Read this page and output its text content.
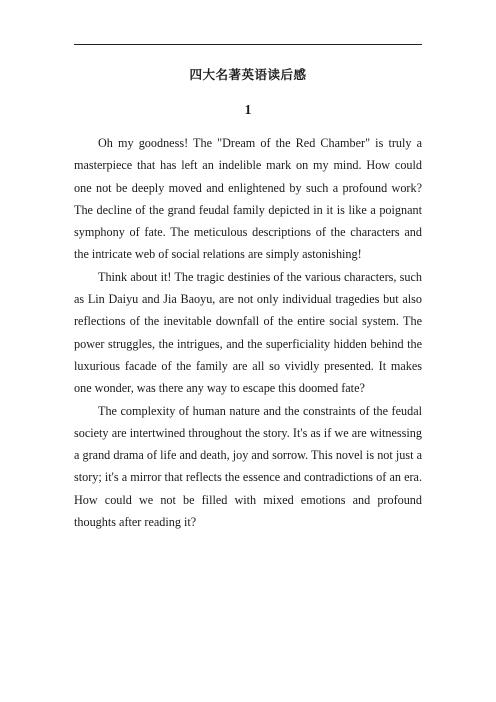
四大名著英语读后感
1

Oh my goodness! The "Dream of the Red Chamber" is truly a masterpiece that has left an indelible mark on my mind. How could one not be deeply moved and enlightened by such a profound work? The decline of the grand feudal family depicted in it is like a poignant symphony of fate. The meticulous descriptions of the characters and the intricate web of social relations are simply astonishing!

Think about it! The tragic destinies of the various characters, such as Lin Daiyu and Jia Baoyu, are not only individual tragedies but also reflections of the inevitable downfall of the entire social system. The power struggles, the intrigues, and the superficiality hidden behind the luxurious facade of the family are all so vividly presented. It makes one wonder, was there any way to escape this doomed fate?

The complexity of human nature and the constraints of the feudal society are intertwined throughout the story. It's as if we are witnessing a grand drama of life and death, joy and sorrow. This novel is not just a story; it's a mirror that reflects the essence and contradictions of an era. How could we not be filled with mixed emotions and profound thoughts after reading it?
